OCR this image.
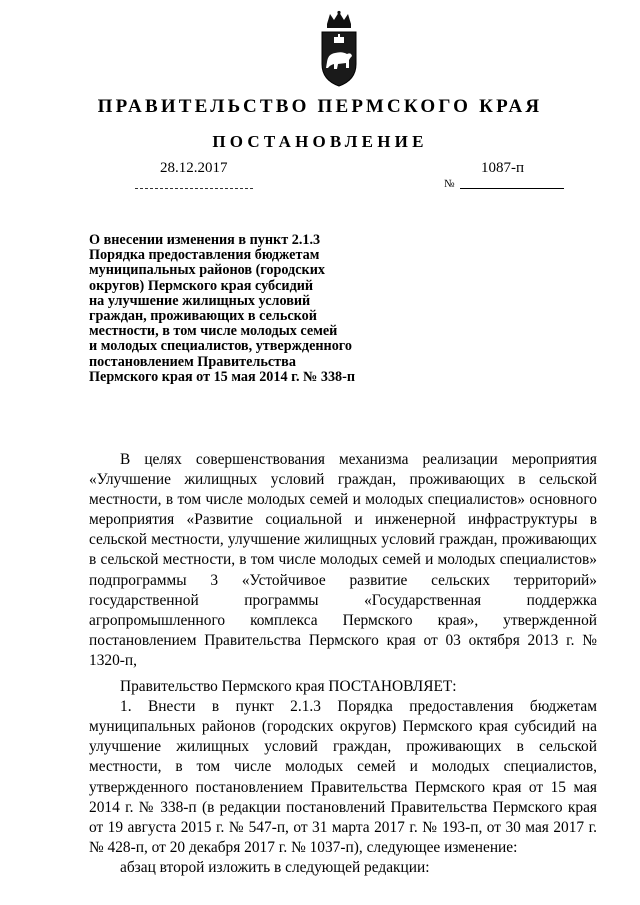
ПРАВИТЕЛЬСТВО ПЕРМСКОГО КРАЯ
ПОСТАНОВЛЕНИЕ
28.12.2017	1087-п
№
О внесении изменения в пункт 2.1.3
Порядка предоставления бюджетам
муниципальных районов (городских
округов) Пермского края субсидий
на улучшение жилищных условий
граждан, проживающих в сельской
местности, в том числе молодых семей
и молодых специалистов, утвержденного
постановлением Правительства
Пермского края от 15 мая 2014 г. № 338-п

В целях совершенствования механизма реализации мероприятия «Улучшение жилищных условий граждан, проживающих в сельской местности, в том числе молодых семей и молодых специалистов» основного мероприятия «Развитие социальной и инженерной инфраструктуры в сельской местности, улучшение жилищных условий граждан, проживающих в сельской местности, в том числе молодых семей и молодых специалистов» подпрограммы 3 «Устойчивое развитие сельских территорий» государственной программы «Государственная поддержка агропромышленного комплекса Пермского края», утвержденной постановлением Правительства Пермского края от 03 октября 2013 г. № 1320-п,

Правительство Пермского края ПОСТАНОВЛЯЕТ:

1. Внести в пункт 2.1.3 Порядка предоставления бюджетам муниципальных районов (городских округов) Пермского края субсидий на улучшение жилищных условий граждан, проживающих в сельской местности, в том числе молодых семей и молодых специалистов, утвержденного постановлением Правительства Пермского края от 15 мая 2014 г. № 338-п (в редакции постановлений Правительства Пермского края от 19 августа 2015 г. № 547-п, от 31 марта 2017 г. № 193-п, от 30 мая 2017 г. № 428-п, от 20 декабря 2017 г. № 1037-п), следующее изменение:

абзац второй изложить в следующей редакции:
